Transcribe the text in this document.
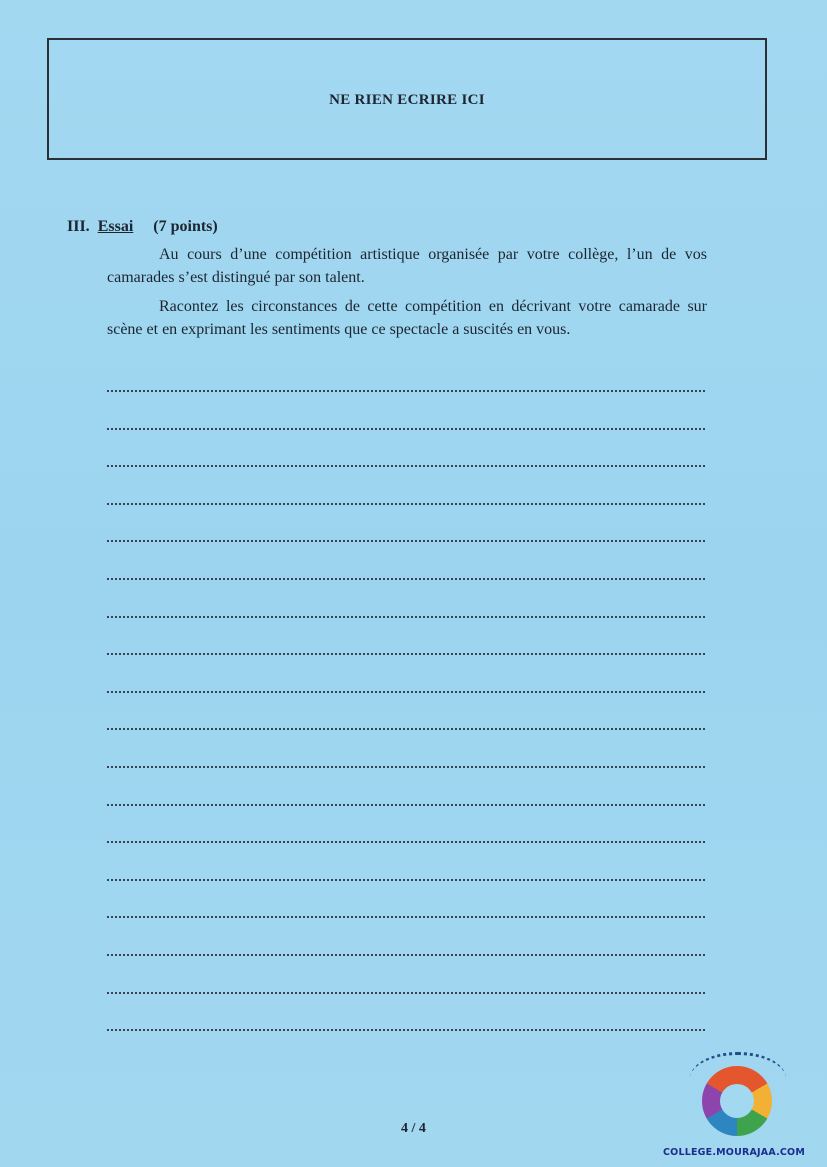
NE RIEN ECRIRE ICI
III. Essai (7 points)
Au cours d’une compétition artistique organisée par votre collège, l’un de vos camarades s’est distingué par son talent.
Racontez les circonstances de cette compétition en décrivant votre camarade sur scène et en exprimant les sentiments que ce spectacle a suscités en vous.
4 / 4
COLLEGE.MOURAJAA.COM
